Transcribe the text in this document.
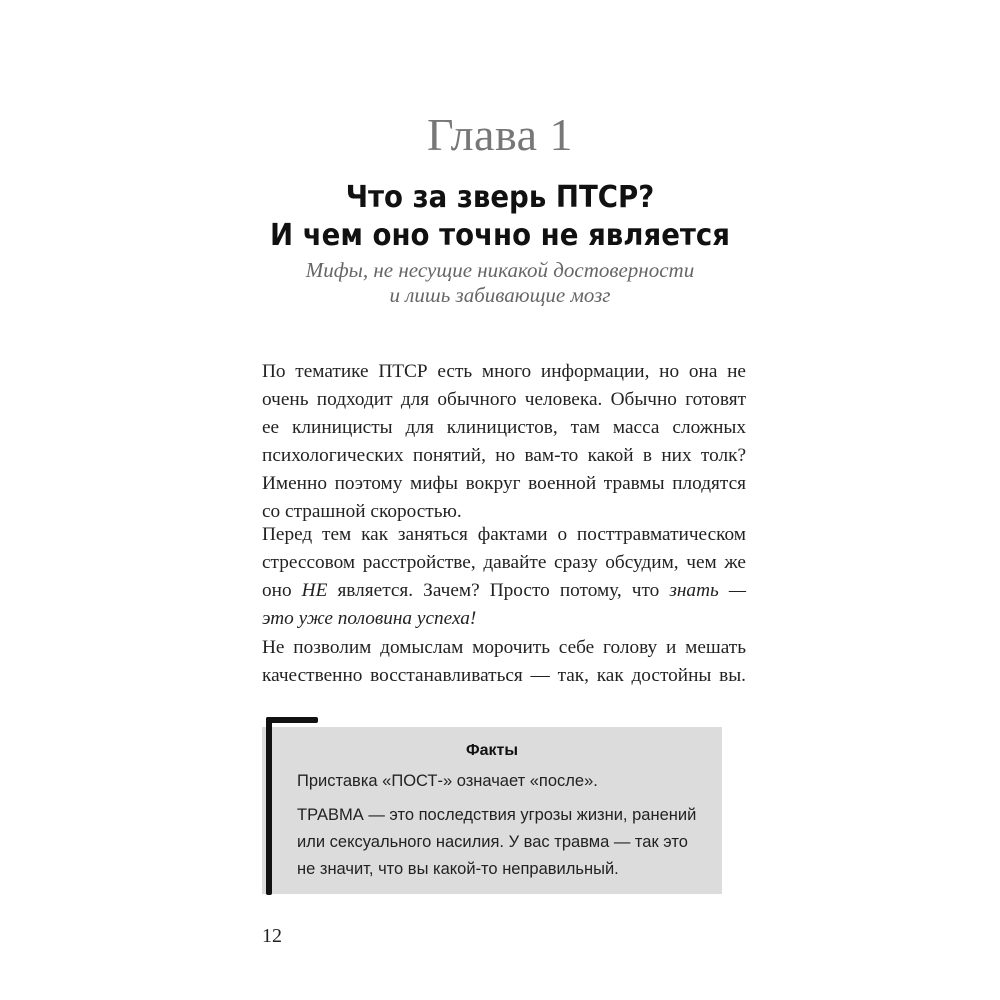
Глава 1
Что за зверь ПТСР?
И чем оно точно не является
Мифы, не несущие никакой достоверности
и лишь забивающие мозг
По тематике ПТСР есть много информации, но она не
очень подходит для обычного человека. Обычно готовят
ее клиницисты для клиницистов, там масса сложных
психологических понятий, но вам-то какой в них толк?
Именно поэтому мифы вокруг военной травмы плодятся
со страшной скоростью.
Перед тем как заняться фактами о посттравматическом
стрессовом расстройстве, давайте сразу обсудим, чем же
оно НЕ является. Зачем? Просто потому, что знать —
это уже половина успеха!
Не позволим домыслам морочить себе голову и мешать
качественно восстанавливаться — так, как достойны вы.
Факты
Приставка «ПОСТ-» означает «после».
ТРАВМА — это последствия угрозы жизни, ранений
или сексуального насилия. У вас травма — так это
не значит, что вы какой-то неправильный.
12
